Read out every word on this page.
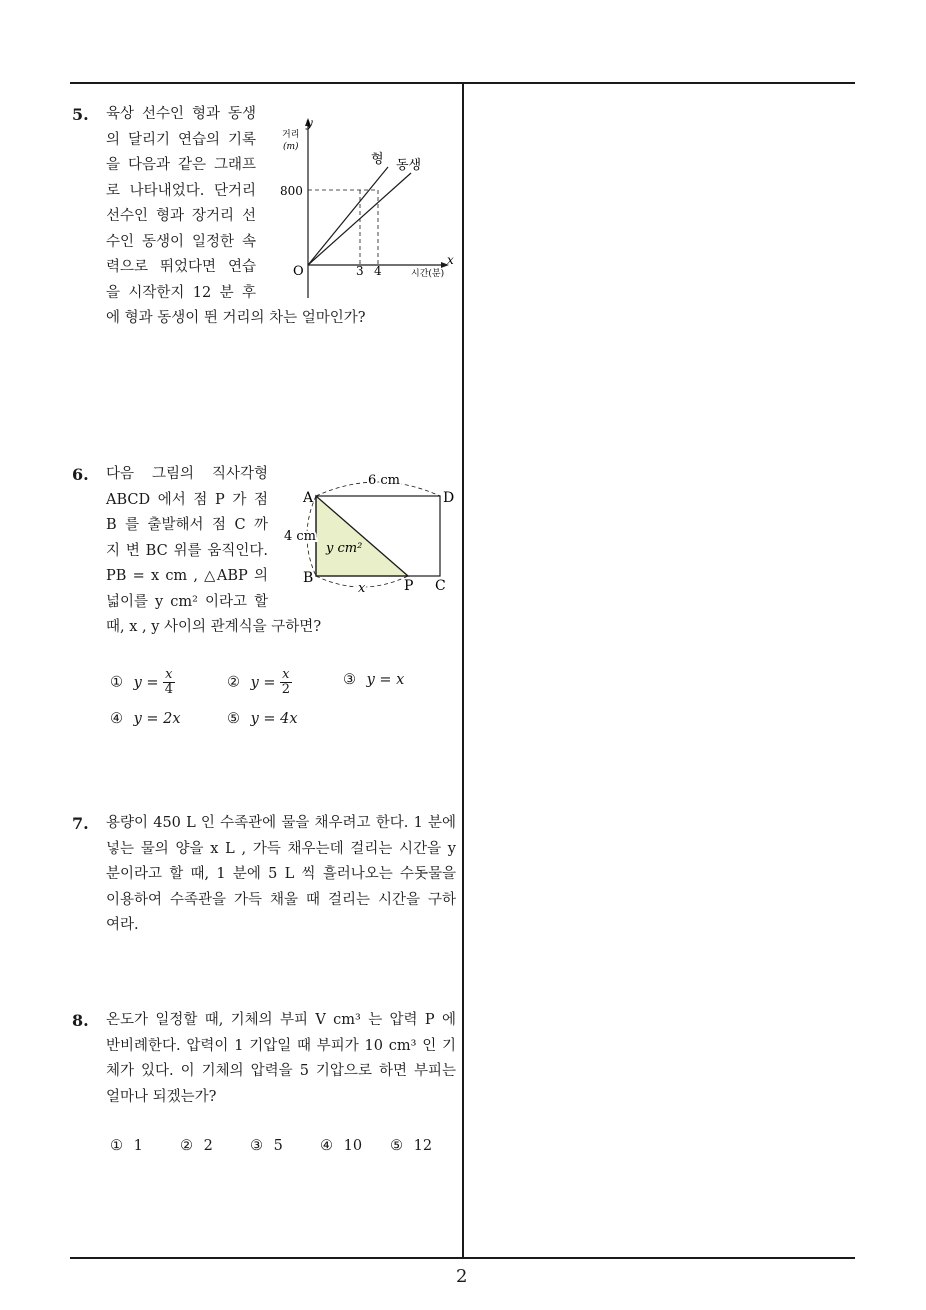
5. 육상 선수인 형과 동생
의 달리기 연습의 기록
을 다음과 같은 그래프
로 나타내었다. 단거리
선수인 형과 장거리 선
수인 동생이 일정한 속
력으로 뛰었다면 연습
을 시작한지 12 분 후
에 형과 동생이 뛴 거리의 차는 얼마인가?
y
x
거리
(m)
시간(분)
O
800
3 4
형 동생
6. 다음 그림의 직사각형
ABCD 에서 점 P 가 점
B 를 출발해서 점 C 까
지 변 BC 위를 움직인다.
PB = x cm , △ABP 의
넓이를 y cm² 이라고 할
때, x , y 사이의 관계식을 구하면?
6 cm
4 cm
y cm²
x
A	D
B	P C
① $y = \frac{x}{4}$	② $y = \frac{x}{2}$	③ y = x
④ y = 2x	⑤ y = 4x
7. 용량이 450 L 인 수족관에 물을 채우려고 한다. 1 분에
넣는 물의 양을 x L , 가득 채우는데 걸리는 시간을 y
분이라고 할 때, 1 분에 5 L 씩 흘러나오는 수돗물을
이용하여 수족관을 가득 채울 때 걸리는 시간을 구하
여라.
8. 온도가 일정할 때, 기체의 부피 V cm³ 는 압력 P 에
반비례한다. 압력이 1 기압일 때 부피가 10 cm³ 인 기
체가 있다. 이 기체의 압력을 5 기압으로 하면 부피는
얼마나 되겠는가?
① 1	② 2	③ 5	④ 10 ⑤ 12
2
